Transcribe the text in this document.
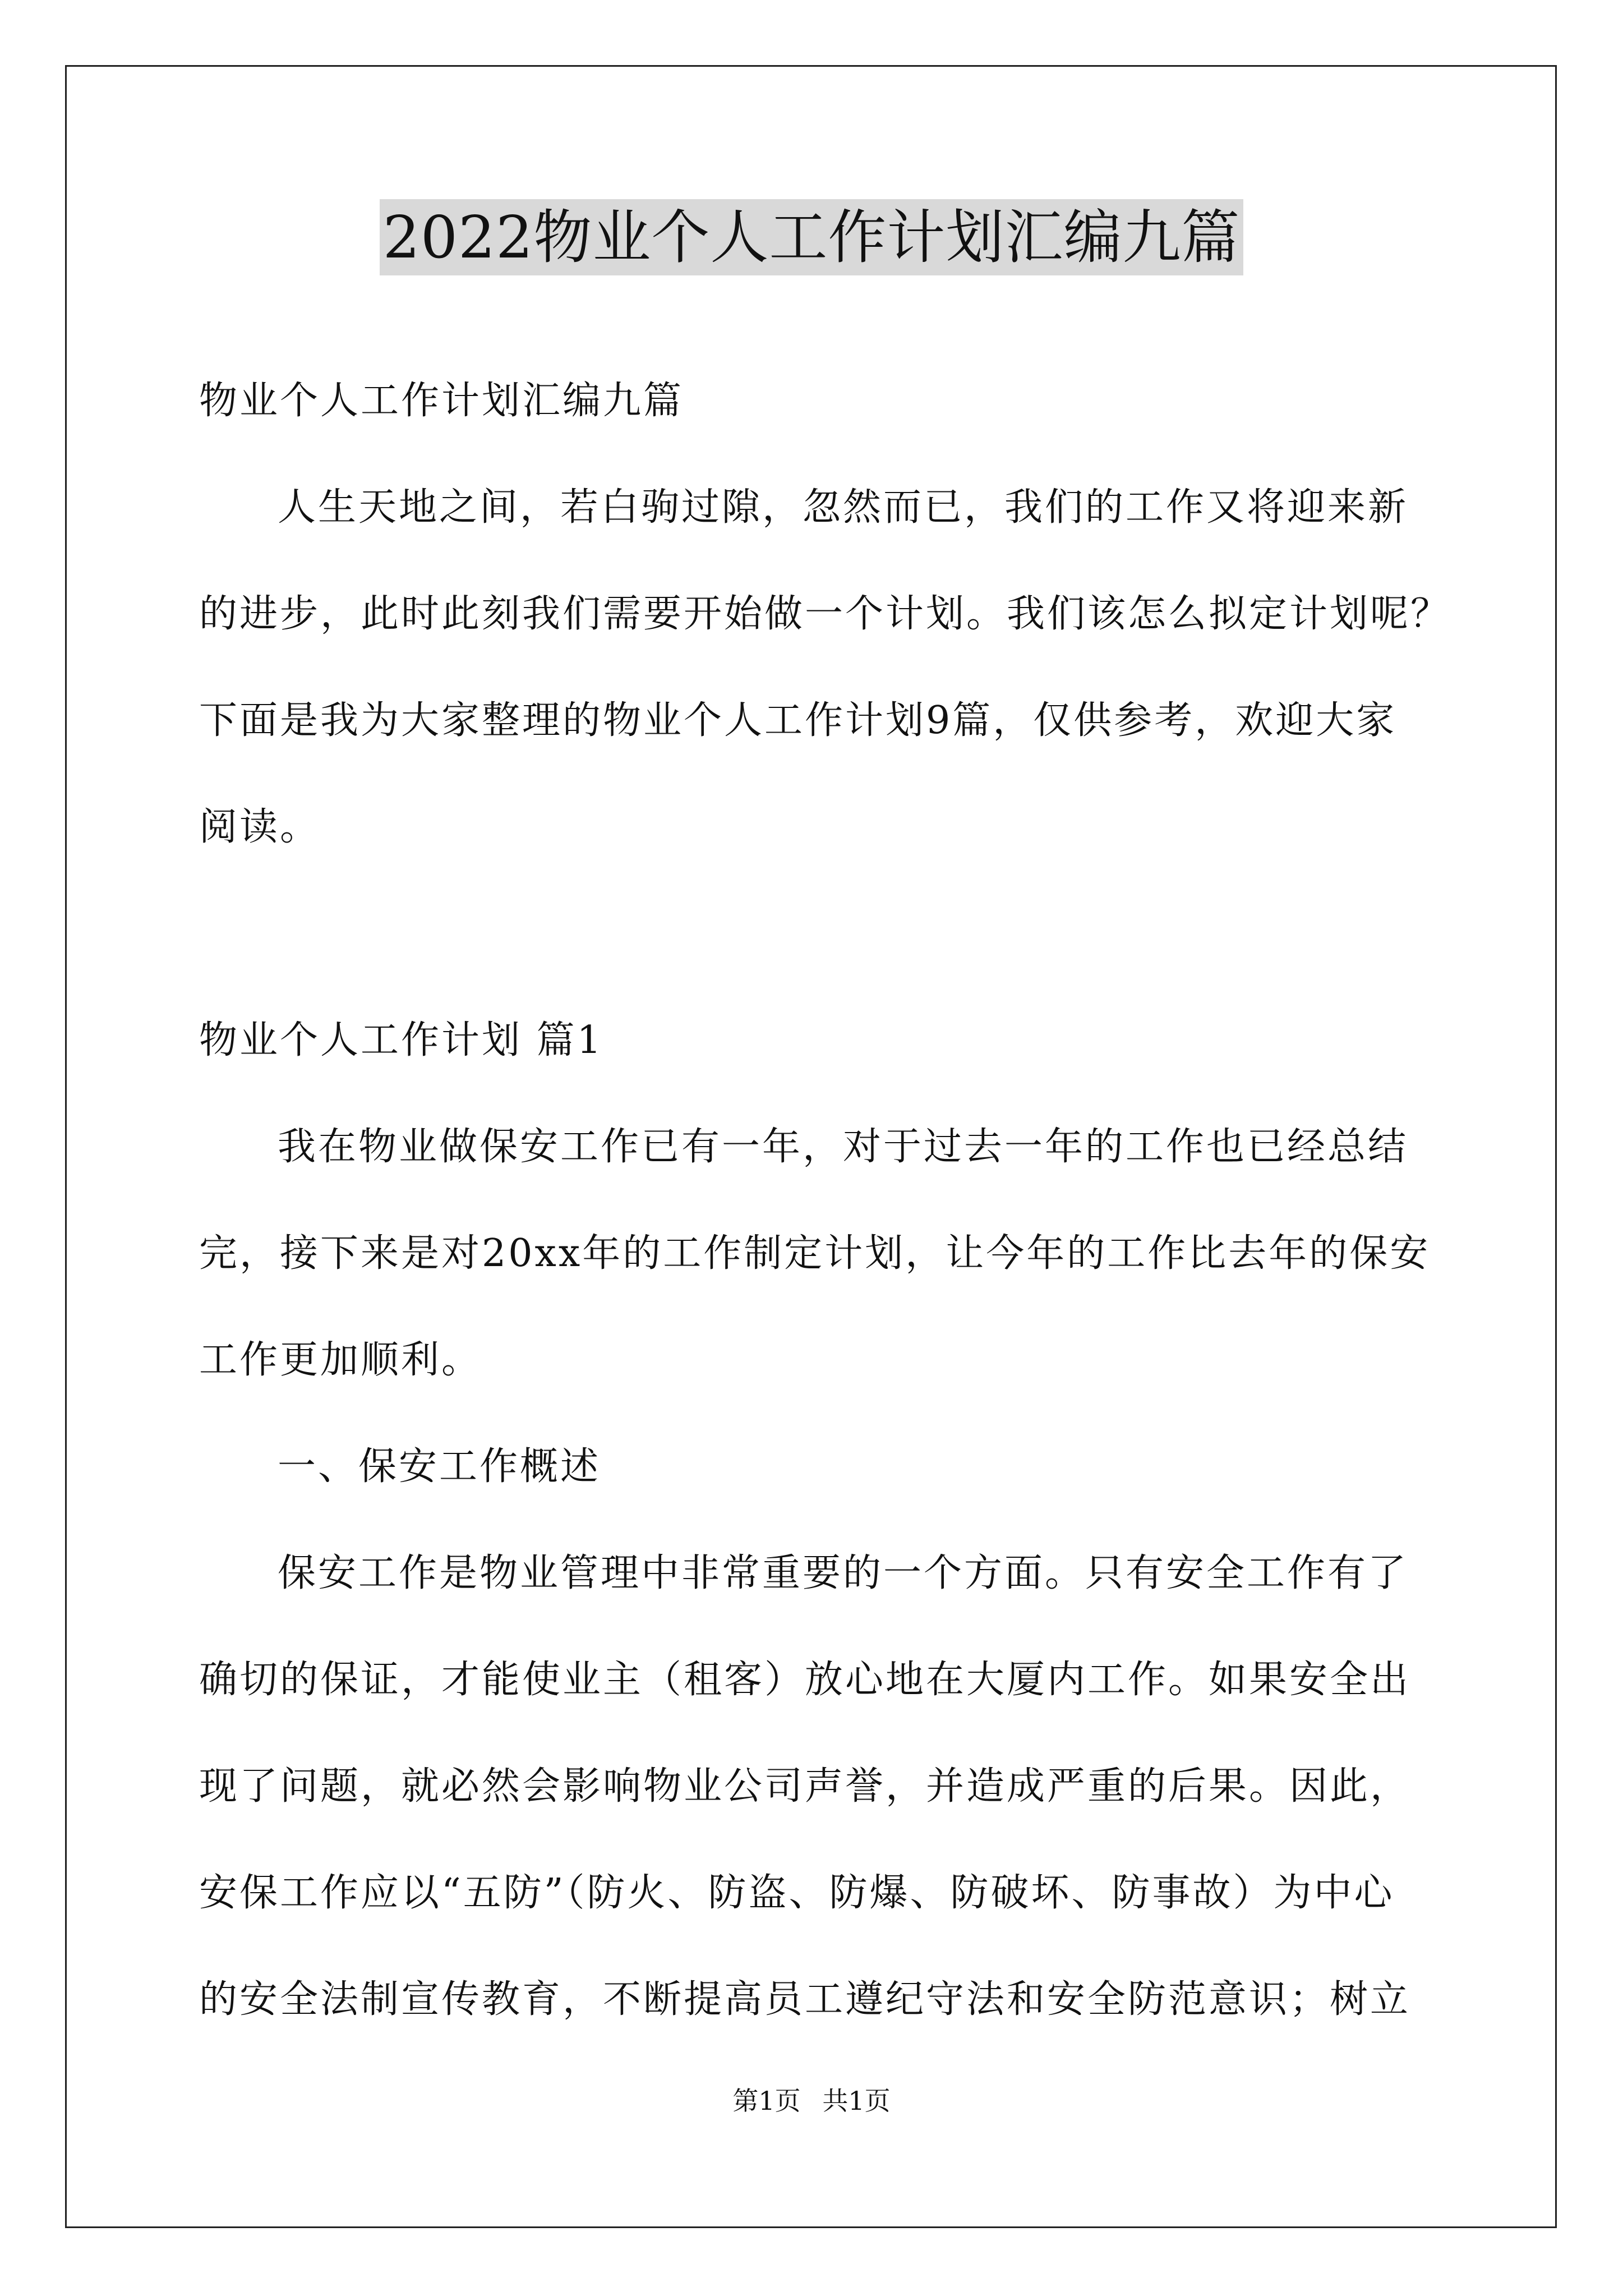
2022物业个人工作计划汇编九篇
物业个人工作计划汇编九篇
人生天地之间，若白驹过隙，忽然而已，我们的工作又将迎来新
的进步，此时此刻我们需要开始做一个计划。我们该怎么拟定计划呢？
下面是我为大家整理的物业个人工作计划9篇，仅供参考，欢迎大家
阅读。
物业个人工作计划 篇1
我在物业做保安工作已有一年，对于过去一年的工作也已经总结
完，接下来是对20xx年的工作制定计划，让今年的工作比去年的保安
工作更加顺利。
一、保安工作概述
保安工作是物业管理中非常重要的一个方面。只有安全工作有了
确切的保证，才能使业主（租客）放心地在大厦内工作。如果安全出
现了问题，就必然会影响物业公司声誉，并造成严重的后果。因此，
安保工作应以“五防”（防火、防盗、防爆、防破坏、防事故）为中心
的安全法制宣传教育，不断提高员工遵纪守法和安全防范意识；树立
第1页 共1页
